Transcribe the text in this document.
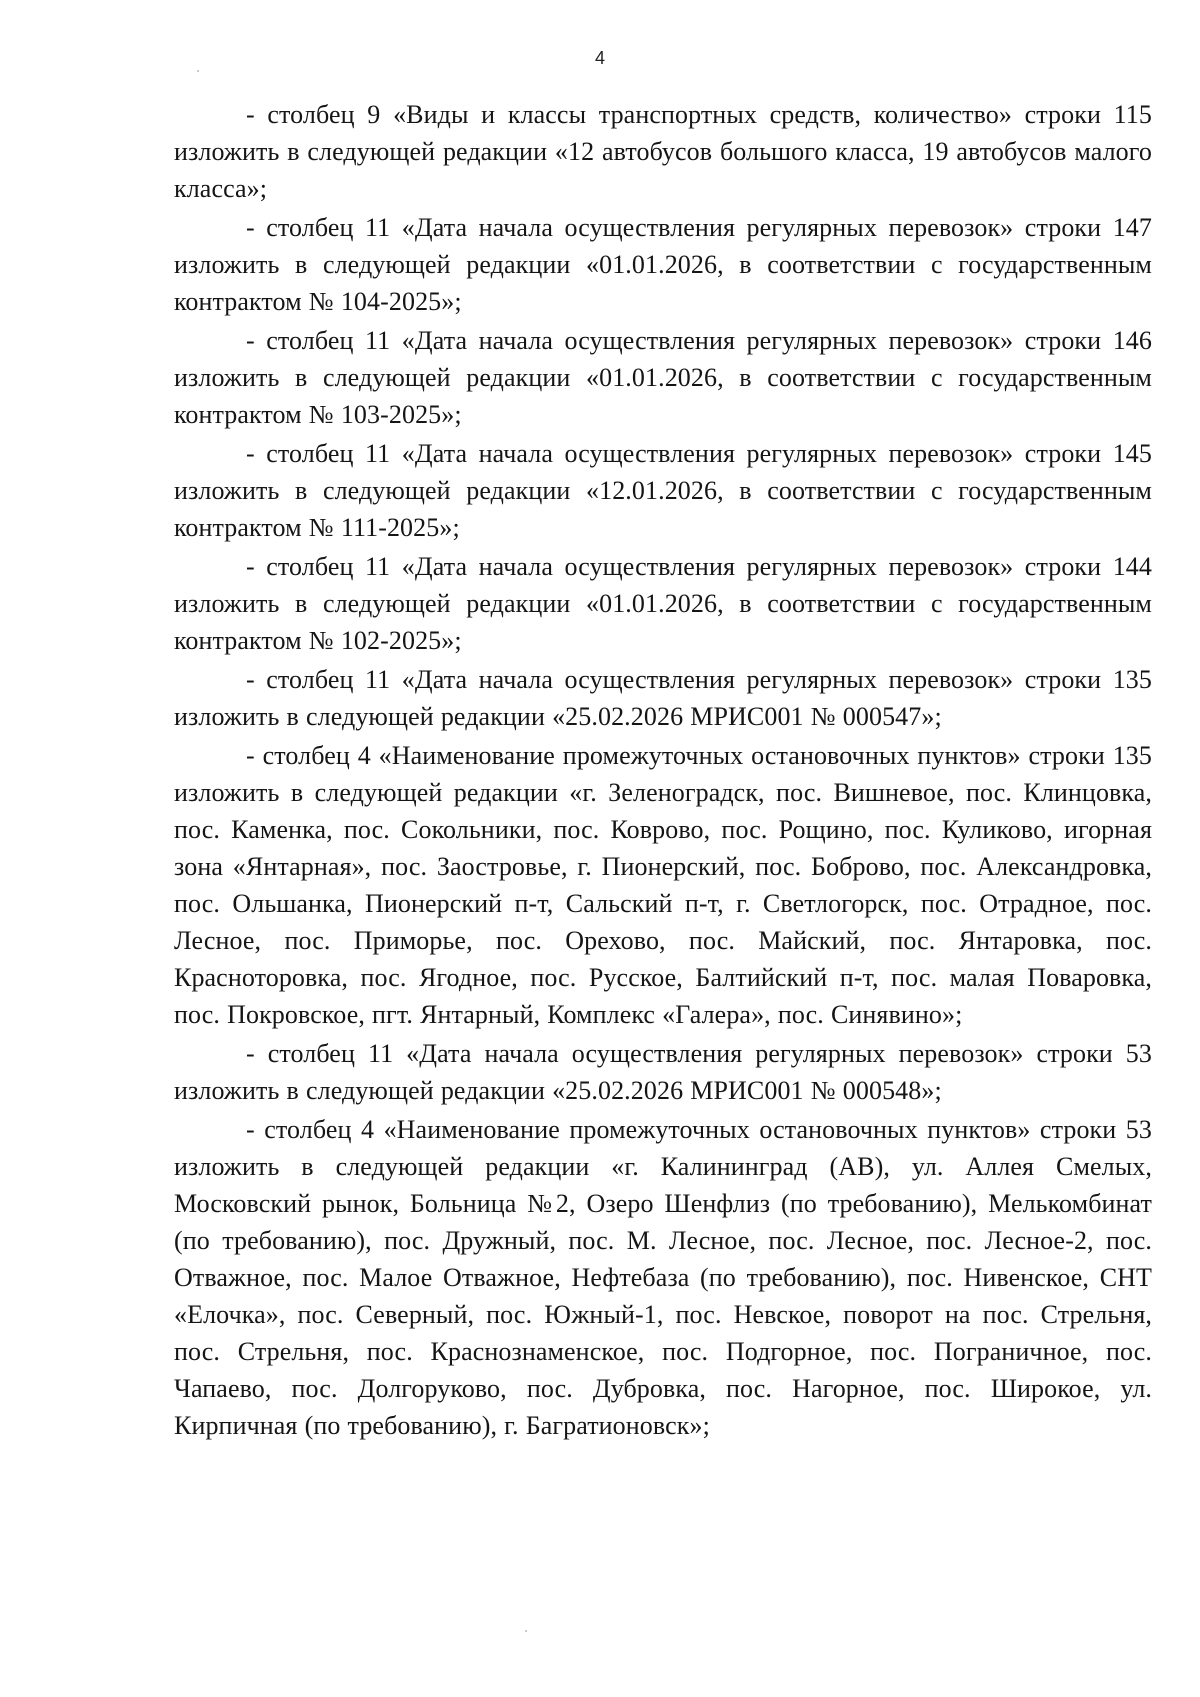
4

- столбец 9 «Виды и классы транспортных средств, количество» строки 115 изложить в следующей редакции «12 автобусов большого класса, 19 автобусов малого класса»;

- столбец 11 «Дата начала осуществления регулярных перевозок» строки 147 изложить в следующей редакции «01.01.2026, в соответствии с государственным контрактом № 104-2025»;

- столбец 11 «Дата начала осуществления регулярных перевозок» строки 146 изложить в следующей редакции «01.01.2026, в соответствии с государственным контрактом № 103-2025»;

- столбец 11 «Дата начала осуществления регулярных перевозок» строки 145 изложить в следующей редакции «12.01.2026, в соответствии с государственным контрактом № 111-2025»;

- столбец 11 «Дата начала осуществления регулярных перевозок» строки 144 изложить в следующей редакции «01.01.2026, в соответствии с государственным контрактом № 102-2025»;

- столбец 11 «Дата начала осуществления регулярных перевозок» строки 135 изложить в следующей редакции «25.02.2026 МРИС001 № 000547»;

- столбец 4 «Наименование промежуточных остановочных пунктов» строки 135 изложить в следующей редакции «г. Зеленоградск, пос. Вишневое, пос. Клинцовка, пос. Каменка, пос. Сокольники, пос. Коврово, пос. Рощино, пос. Куликово, игорная зона «Янтарная», пос. Заостровье, г. Пионерский, пос. Боброво, пос. Александровка, пос. Ольшанка, Пионерский п-т, Сальский п-т, г. Светлогорск, пос. Отрадное, пос. Лесное, пос. Приморье, пос. Орехово, пос. Майский, пос. Янтаровка, пос. Красноторовка, пос. Ягодное, пос. Русское, Балтийский п-т, пос. малая Поваровка, пос. Покровское, пгт. Янтарный, Комплекс «Галера», пос. Синявино»;

- столбец 11 «Дата начала осуществления регулярных перевозок» строки 53 изложить в следующей редакции «25.02.2026 МРИС001 № 000548»;

- столбец 4 «Наименование промежуточных остановочных пунктов» строки 53 изложить в следующей редакции «г. Калининград (АВ), ул. Аллея Смелых, Московский рынок, Больница №2, Озеро Шенфлиз (по требованию), Мелькомбинат (по требованию), пос. Дружный, пос. М. Лесное, пос. Лесное, пос. Лесное-2, пос. Отважное, пос. Малое Отважное, Нефтебаза (по требованию), пос. Нивенское, СНТ «Елочка», пос. Северный, пос. Южный-1, пос. Невское, поворот на пос. Стрельня, пос. Стрельня, пос. Краснознаменское, пос. Подгорное, пос. Пограничное, пос. Чапаево, пос. Долгоруково, пос. Дубровка, пос. Нагорное, пос. Широкое, ул. Кирпичная (по требованию), г. Багратионовск»;
